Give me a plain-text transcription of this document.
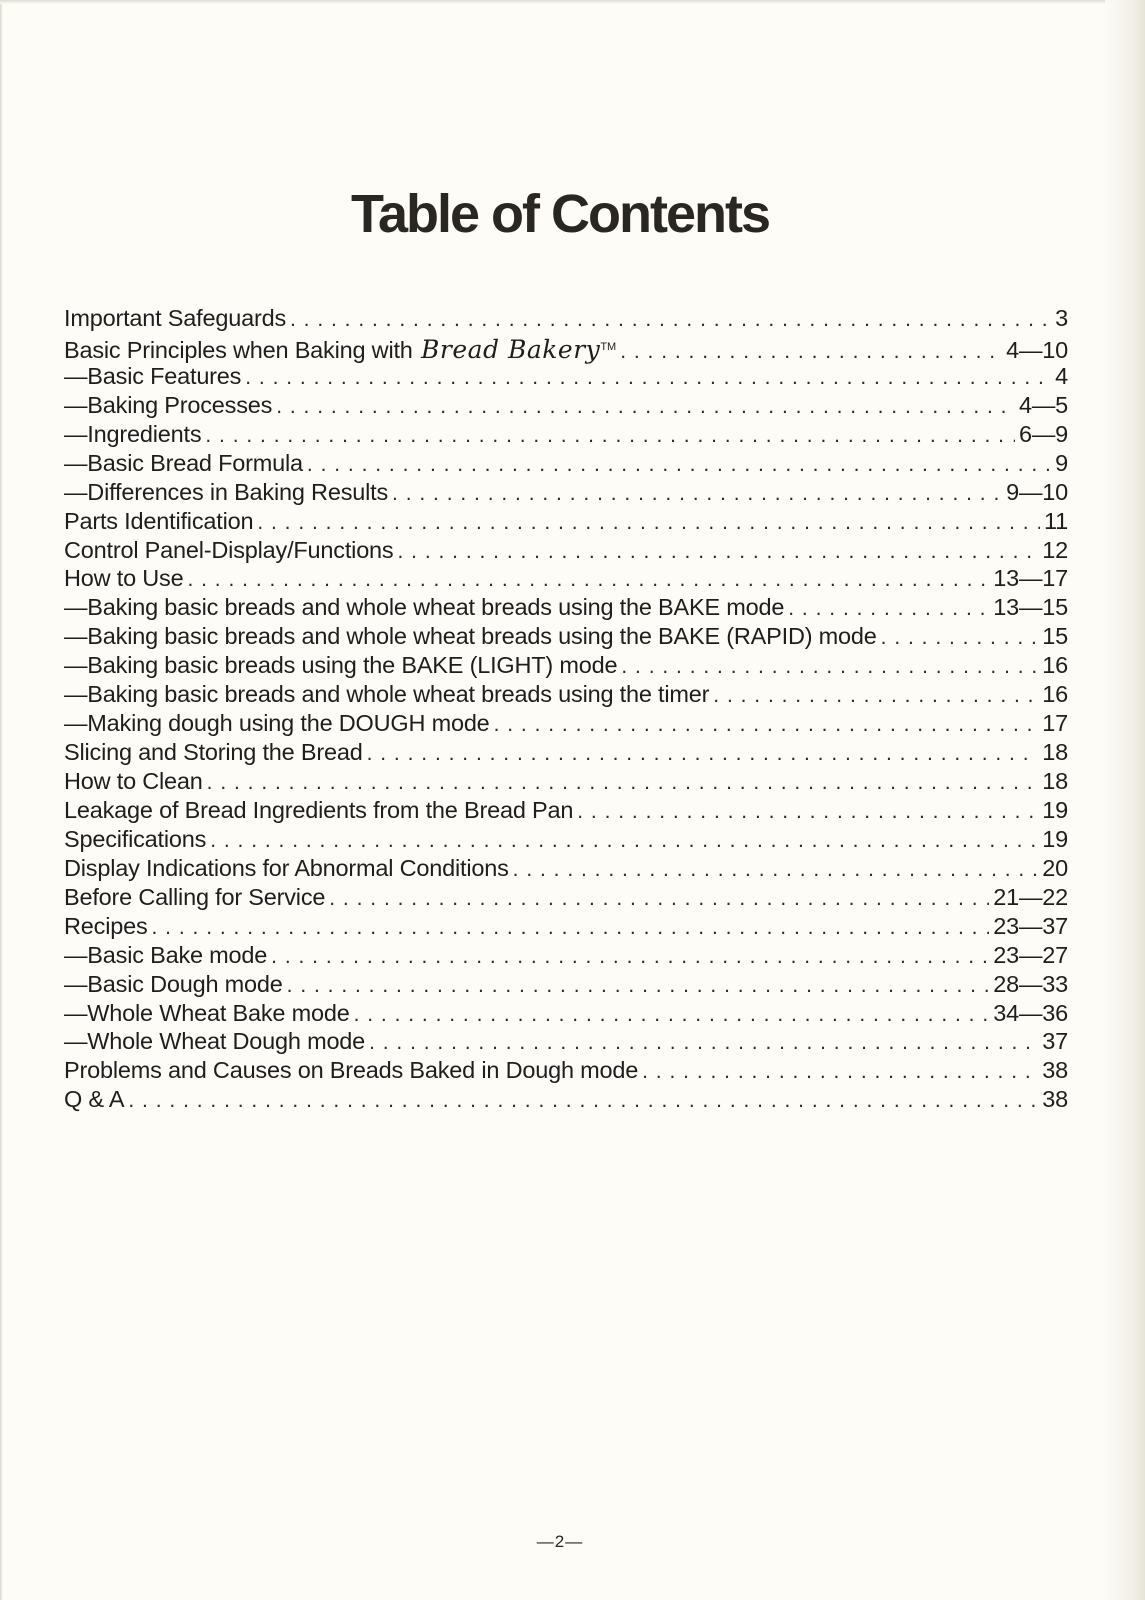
Table of Contents
Important Safeguards . . .	3
Basic Principles when Baking with Bread Bakery™ . . .	4—10
—Basic Features . . .	4
—Baking Processes . . .	4—5
—Ingredients . . .	6—9
—Basic Bread Formula . . .	9
—Differences in Baking Results . . .	9—10
Parts Identification . . .	11
Control Panel-Display/Functions . . .	12
How to Use . . .	13—17
—Baking basic breads and whole wheat breads using the BAKE mode . . .	13—15
—Baking basic breads and whole wheat breads using the BAKE (RAPID) mode . . .	15
—Baking basic breads using the BAKE (LIGHT) mode . . .	16
—Baking basic breads and whole wheat breads using the timer . . .	16
—Making dough using the DOUGH mode . . .	17
Slicing and Storing the Bread . . .	18
How to Clean . . .	18
Leakage of Bread Ingredients from the Bread Pan . . .	19
Specifications . . .	19
Display Indications for Abnormal Conditions . . .	20
Before Calling for Service . . .	21—22
Recipes . . .	23—37
—Basic Bake mode . . .	23—27
—Basic Dough mode . . .	28—33
—Whole Wheat Bake mode . . .	34—36
—Whole Wheat Dough mode . . .	37
Problems and Causes on Breads Baked in Dough mode . . .	38
Q & A . . .	38
—2—
